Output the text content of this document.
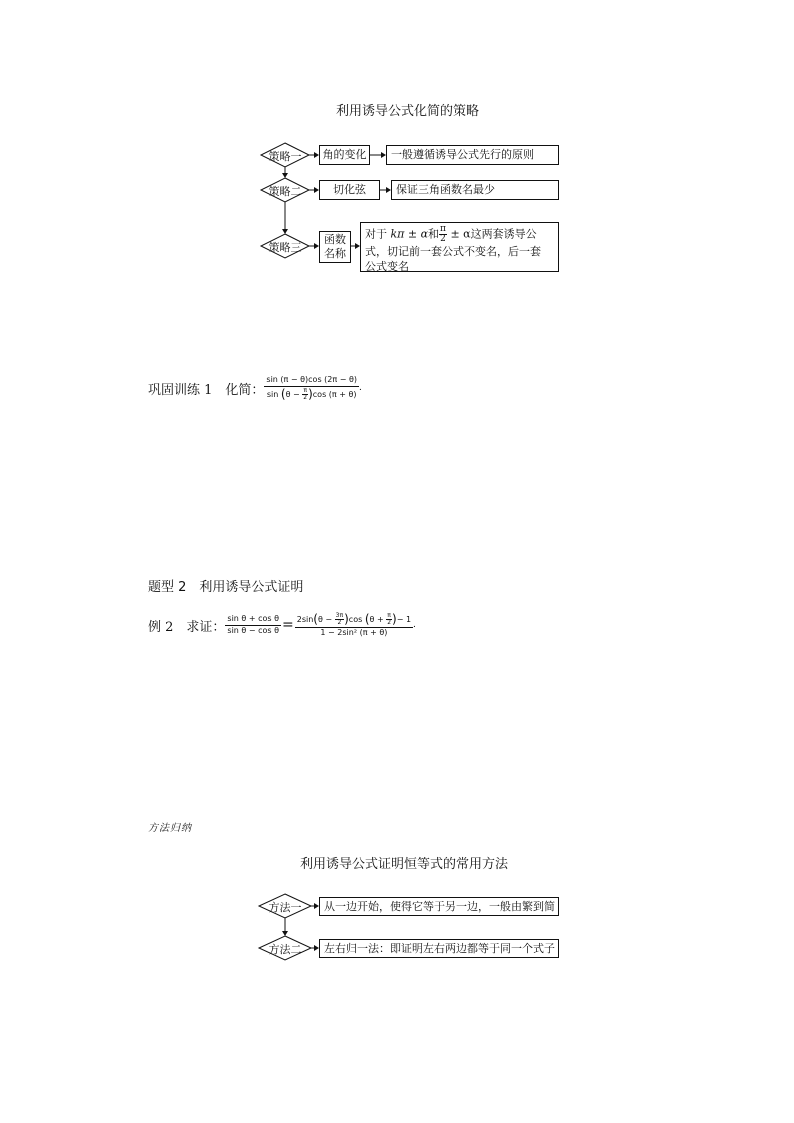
利用诱导公式化简的策略
策略一
策略二
策略三
角的变化	一般遵循诱导公式先行的原则
切化弦	保证三角函数名最少
函数
名称
对于 kπ ± α和 $\frac{\pi}{2} \pm \alpha$这两套诱导公
式，切记前一套公式不变名，后一套
公式变名
巩固训练 1　化简： $\frac{\sin (\pi - \theta)\cos (2\pi - \theta)}{\sin (\theta - \frac{\pi}{2} )\cos (\pi + \theta)}$ .
题型 2　利用诱导公式证明
例 2　求证： $\frac{\text{sin θ + cos θ}}{\text{sin θ − cos θ}} = \frac{2\sin(\theta - \frac{3\pi}{2} )\cos (\theta + \frac{\pi}{2} )- 1}{\text{1 − 2sin² (π + θ)}}$ .
方法归纳
利用诱导公式证明恒等式的常用方法
方法一
方法二
从一边开始，使得它等于另一边，一般由繁到简
左右归一法：即证明左右两边都等于同一个式子
